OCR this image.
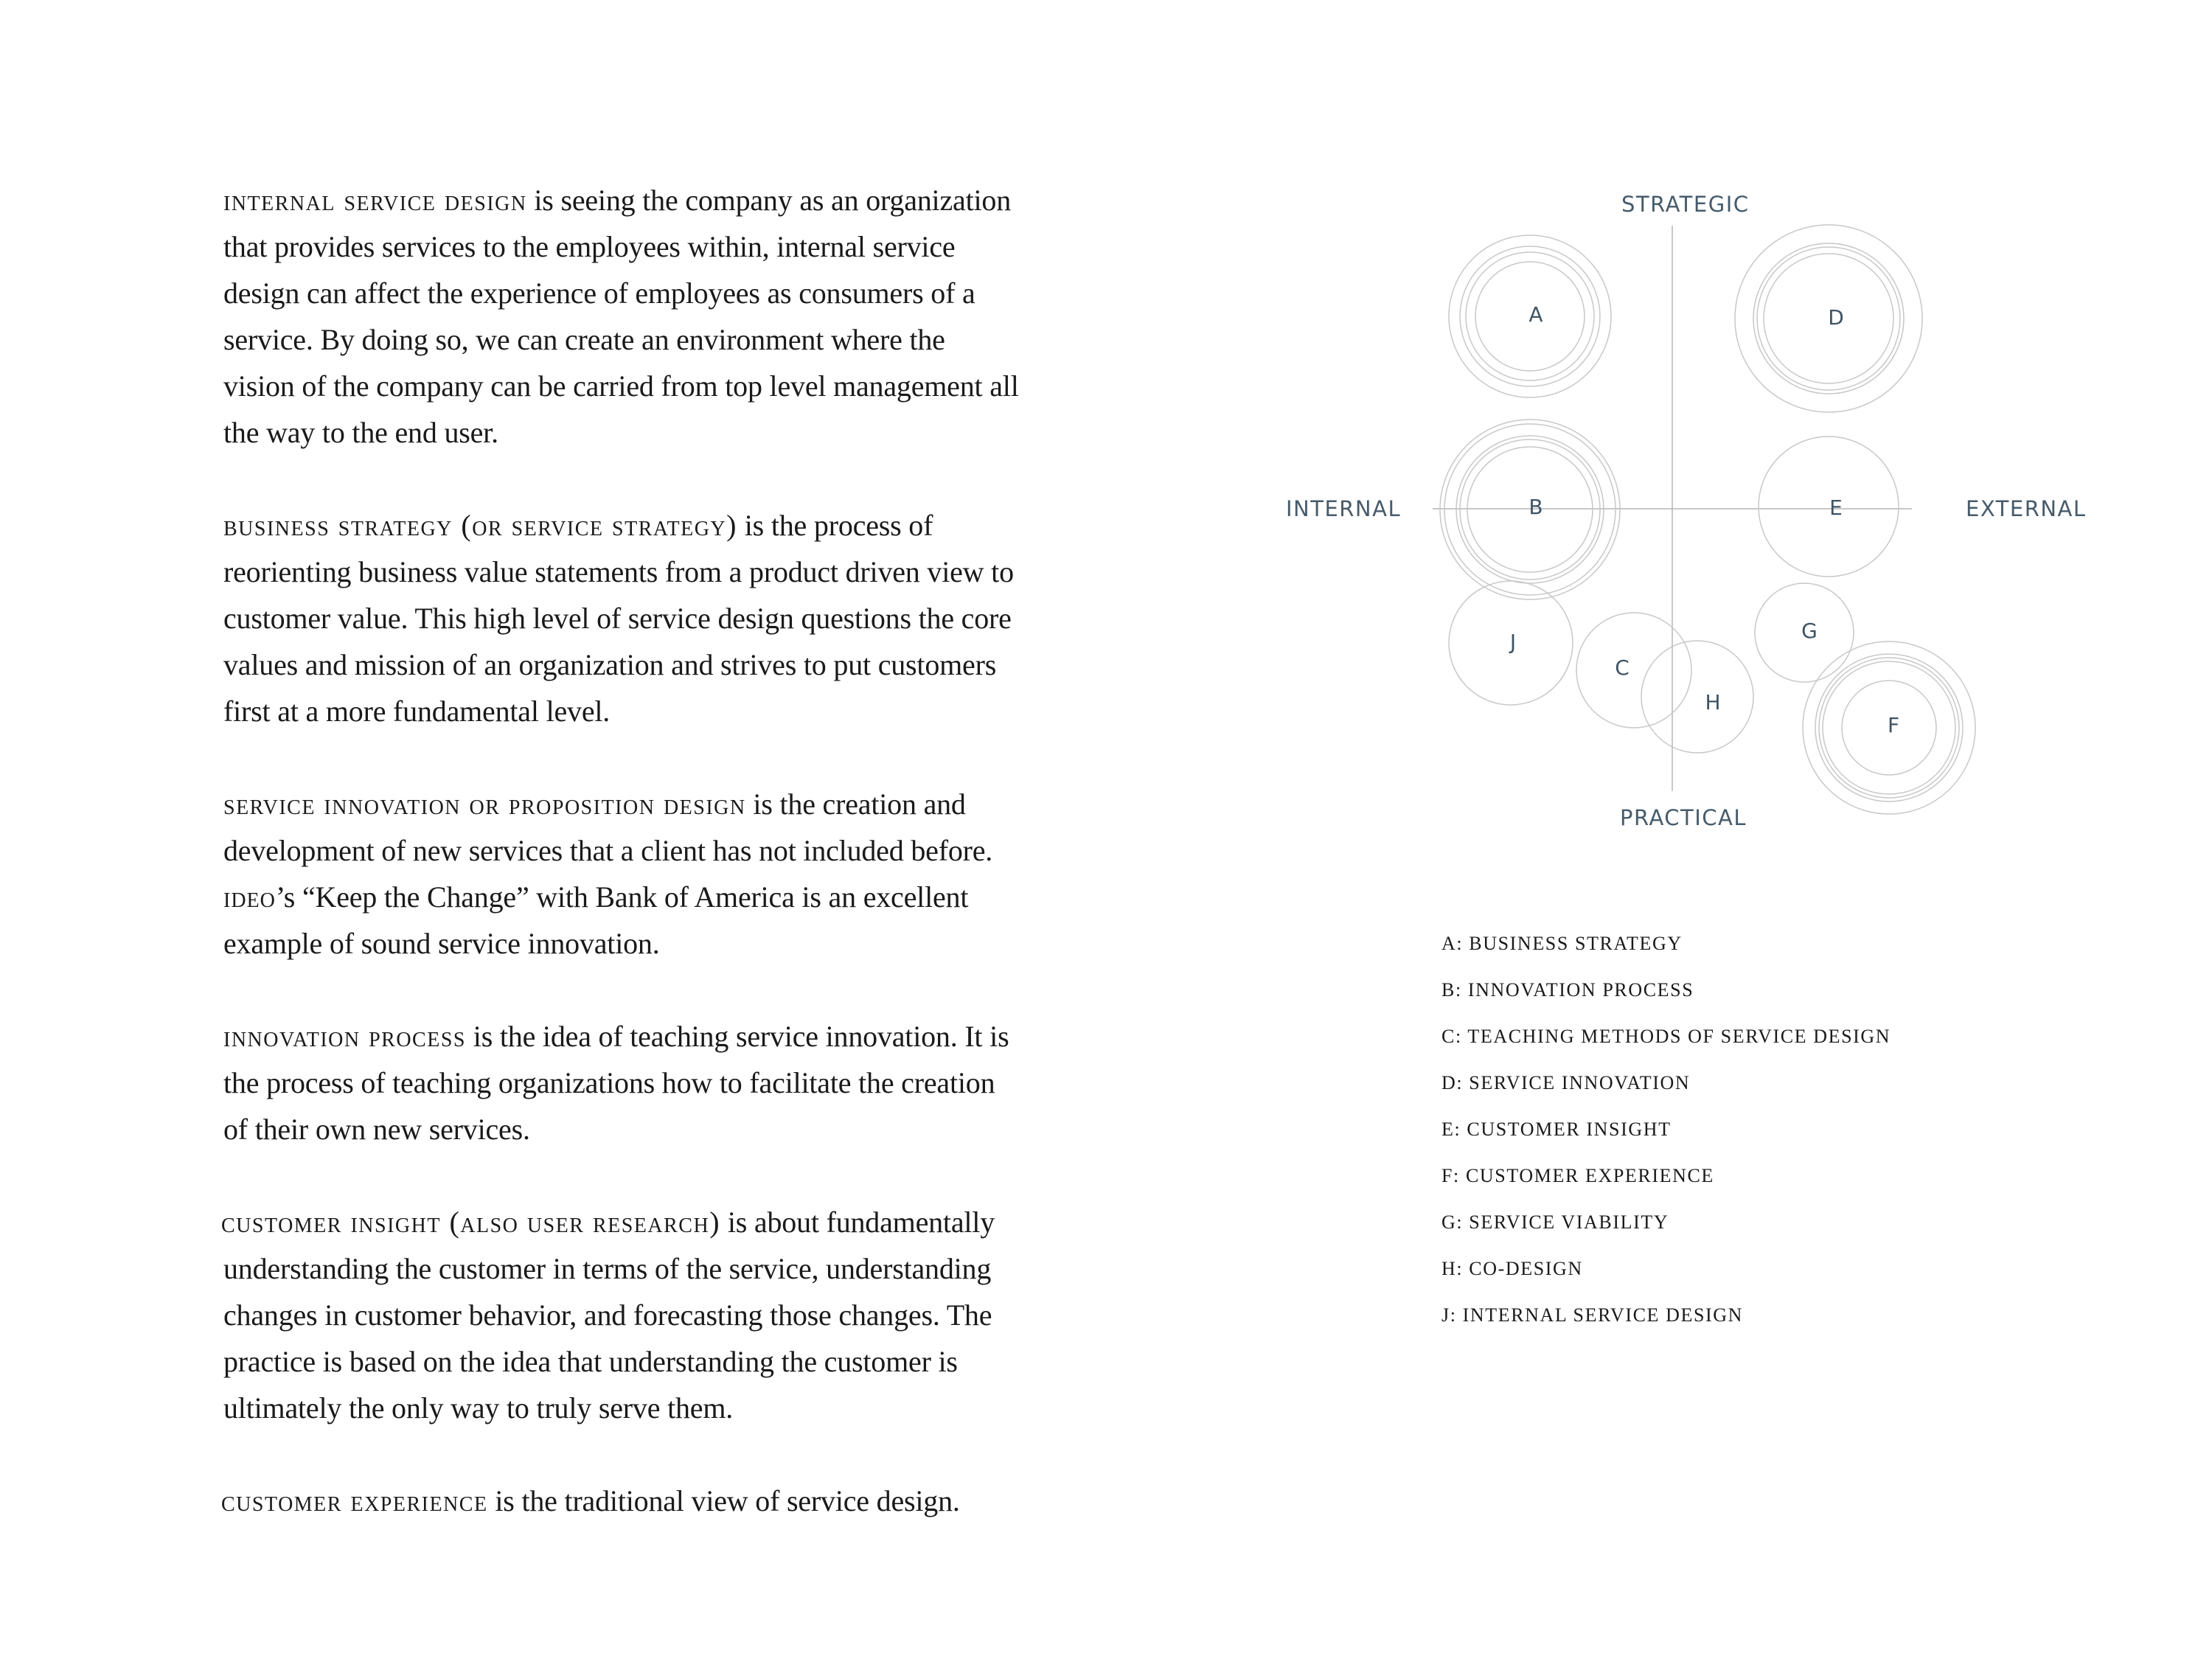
internal service design is seeing the company as an organization
that provides services to the employees within, internal service
design can affect the experience of employees as consumers of a
service. By doing so, we can create an environment where the
vision of the company can be carried from top level management all
the way to the end user.

business strategy (or service strategy) is the process of
reorienting business value statements from a product driven view to
customer value. This high level of service design questions the core
values and mission of an organization and strives to put customers
first at a more fundamental level.

service innovation or proposition design is the creation and
development of new services that a client has not included before.
ideo’s “Keep the Change” with Bank of America is an excellent
example of sound service innovation.

innovation process is the idea of teaching service innovation. It is
the process of teaching organizations how to facilitate the creation
of their own new services.

customer insight (also user research) is about fundamentally
understanding the customer in terms of the service, understanding
changes in customer behavior, and forecasting those changes. The
practice is based on the idea that understanding the customer is
ultimately the only way to truly serve them.

customer experience is the traditional view of service design.

STRATEGIC
PRACTICAL
INTERNAL	EXTERNAL
A	D
B	E
J
C
H
G
F
A: BUSINESS STRATEGY
B: INNOVATION PROCESS
C: TEACHING METHODS OF SERVICE DESIGN
D: SERVICE INNOVATION
E: CUSTOMER INSIGHT
F: CUSTOMER EXPERIENCE
G: SERVICE VIABILITY
H: CO-DESIGN
J: INTERNAL SERVICE DESIGN
